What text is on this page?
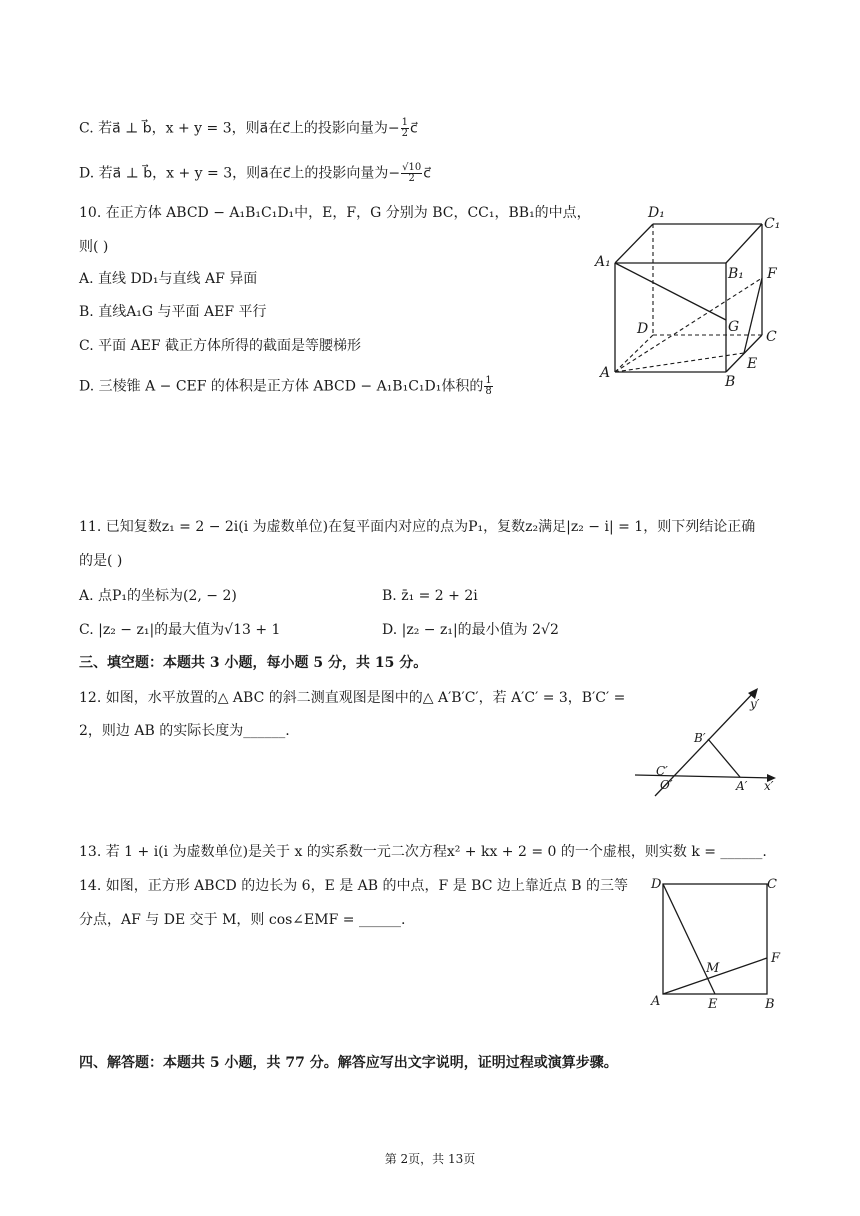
C. 若a⃗ ⊥ b⃗，x + y = 3，则a⃗在c⃗上的投影向量为− $\frac{1}{2}$ c⃗
D. 若a⃗ ⊥ b⃗，x + y = 3，则a⃗在c⃗上的投影向量为− $\frac{√10}{2}$ c⃗
10. 在正方体 ABCD − A₁B₁C₁D₁中，E，F，G 分别为 BC，CC₁，BB₁的中点，
则( )
A. 直线 DD₁与直线 AF 异面
B. 直线A₁G 与平面 AEF 平行
C. 平面 AEF 截正方体所得的截面是等腰梯形
D. 三棱锥 A − CEF 的体积是正方体 ABCD − A₁B₁C₁D₁体积的 $\frac{1}{8}$
D₁
C₁
A₁
B₁ F
D	G
C
E
A
B
11. 已知复数z₁ = 2 − 2i(i 为虚数单位)在复平面内对应的点为P₁，复数z₂满足|z₂ − i| = 1，则下列结论正确
的是( )
A. 点P₁的坐标为(2, − 2)	B. z̄₁ = 2 + 2i
C. |z₂ − z₁|的最大值为√13 + 1	D. |z₂ − z₁|的最小值为 2√2
三、填空题：本题共 3 小题，每小题 5 分，共 15 分。
12. 如图，水平放置的△ ABC 的斜二测直观图是图中的△ A′B′C′，若 A′C′ = 3，B′C′ =
2，则边 AB 的实际长度为______.
y′
B′
C′
O′	A′ x′
13. 若 1 + i(i 为虚数单位)是关于 x 的实系数一元二次方程x² + kx + 2 = 0 的一个虚根，则实数 k = ______.
14. 如图，正方形 ABCD 的边长为 6，E 是 AB 的中点，F 是 BC 边上靠近点 B 的三等
分点，AF 与 DE 交于 M，则 cos∠EMF = ______.
D	C
F
M
A	E	B
四、解答题：本题共 5 小题，共 77 分。解答应写出文字说明，证明过程或演算步骤。
第 2页，共 13页
